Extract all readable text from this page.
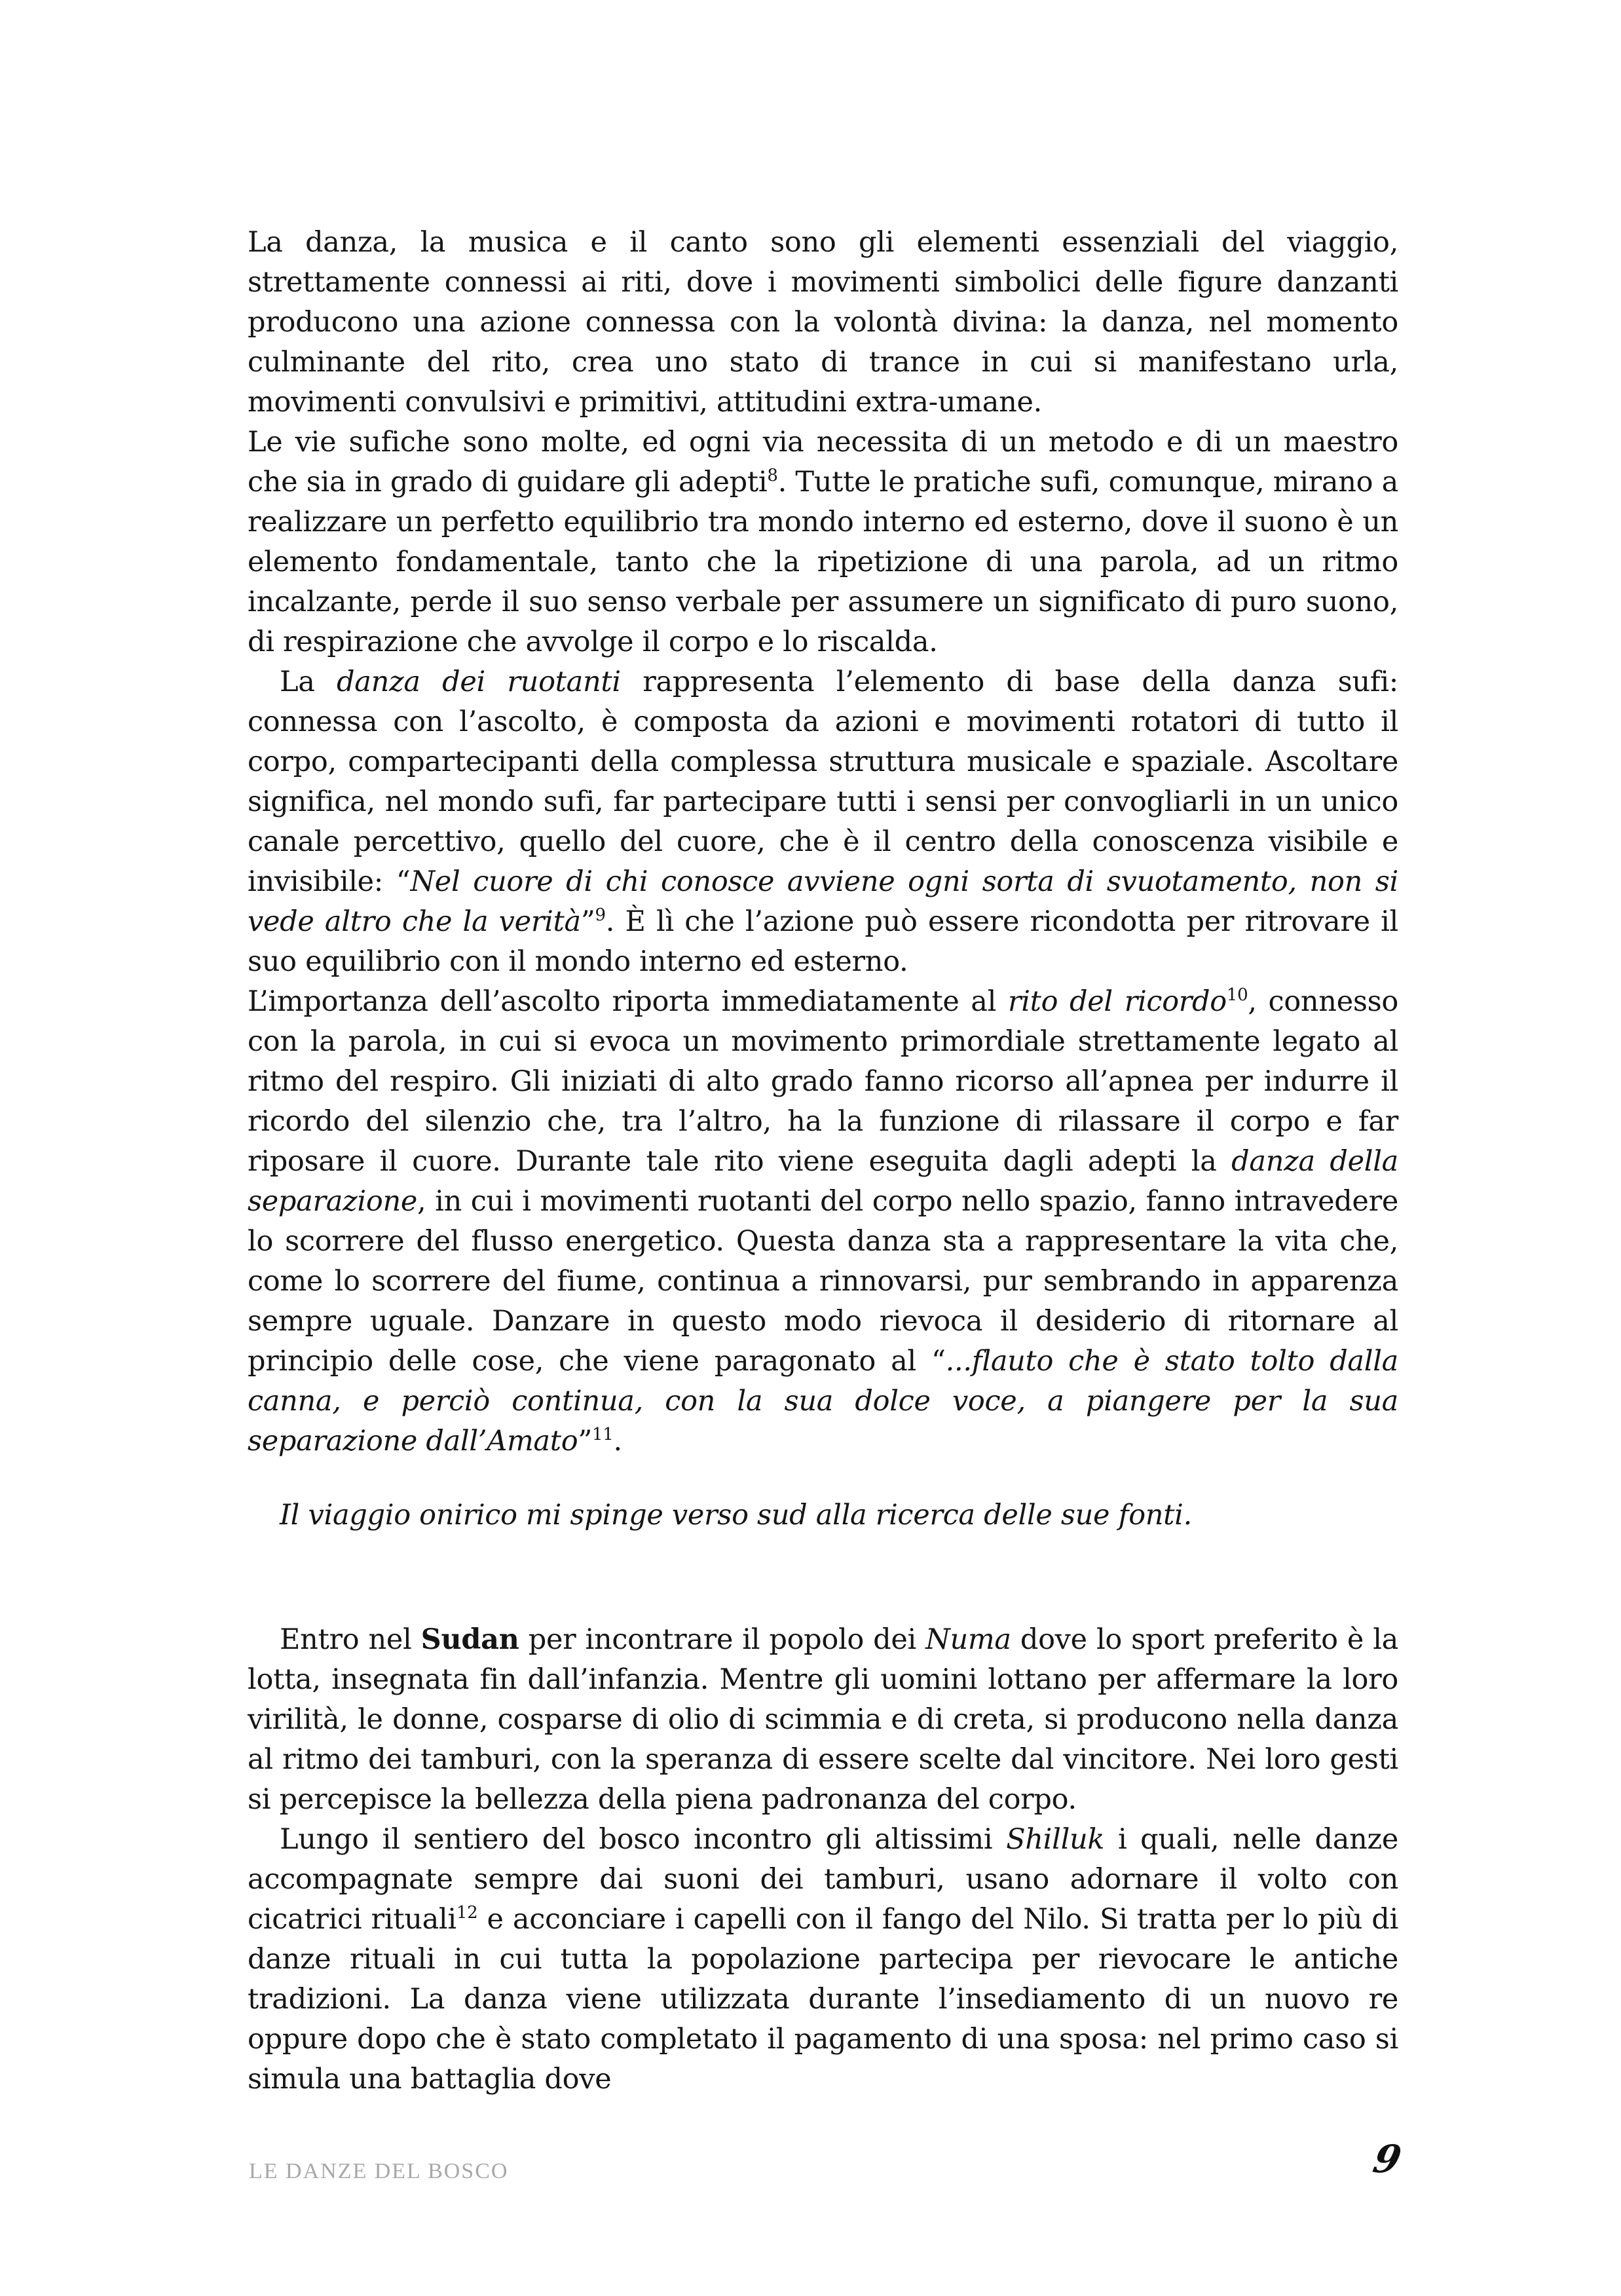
La danza, la musica e il canto sono gli elementi essenziali del viaggio, strettamente connessi ai riti, dove i movimenti simbolici delle figure danzanti producono una azione connessa con la volontà divina: la danza, nel momento culminante del rito, crea uno stato di trance in cui si manifestano urla, movimenti convulsivi e primitivi, attitudini extra-umane.

Le vie sufiche sono molte, ed ogni via necessita di un metodo e di un maestro che sia in grado di guidare gli adepti$^8$. Tutte le pratiche sufi, comunque, mirano a realizzare un perfetto equilibrio tra mondo interno ed esterno, dove il suono è un elemento fondamentale, tanto che la ripetizione di una parola, ad un ritmo incalzante, perde il suo senso verbale per assumere un significato di puro suono, di respirazione che avvolge il corpo e lo riscalda.

La danza dei ruotanti rappresenta l’elemento di base della danza sufi: connessa con l’ascolto, è composta da azioni e movimenti rotatori di tutto il corpo, compartecipanti della complessa struttura musicale e spaziale. Ascoltare significa, nel mondo sufi, far partecipare tutti i sensi per convogliarli in un unico canale percettivo, quello del cuore, che è il centro della conoscenza visibile e invisibile: “Nel cuore di chi conosce avviene ogni sorta di svuotamento, non si vede altro che la verità”$^9$. È lì che l’azione può essere ricondotta per ritrovare il suo equilibrio con il mondo interno ed esterno.

L’importanza dell’ascolto riporta immediatamente al rito del ricordo$^{10}$, connesso con la parola, in cui si evoca un movimento primordiale strettamente legato al ritmo del respiro. Gli iniziati di alto grado fanno ricorso all’apnea per indurre il ricordo del silenzio che, tra l’altro, ha la funzione di rilassare il corpo e far riposare il cuore. Durante tale rito viene eseguita dagli adepti la danza della separazione, in cui i movimenti ruotanti del corpo nello spazio, fanno intravedere lo scorrere del flusso energetico. Questa danza sta a rappresentare la vita che, come lo scorrere del fiume, continua a rinnovarsi, pur sembrando in apparenza sempre uguale. Danzare in questo modo rievoca il desiderio di ritornare al principio delle cose, che viene paragonato al “...flauto che è stato tolto dalla canna, e perciò continua, con la sua dolce voce, a piangere per la sua separazione dall’Amato”$^{11}$.

Il viaggio onirico mi spinge verso sud alla ricerca delle sue fonti.

Entro nel Sudan per incontrare il popolo dei Numa dove lo sport preferito è la lotta, insegnata fin dall’infanzia. Mentre gli uomini lottano per affermare la loro virilità, le donne, cosparse di olio di scimmia e di creta, si producono nella danza al ritmo dei tamburi, con la speranza di essere scelte dal vincitore. Nei loro gesti si percepisce la bellezza della piena padronanza del corpo.

Lungo il sentiero del bosco incontro gli altissimi Shilluk i quali, nelle danze accompagnate sempre dai suoni dei tamburi, usano adornare il volto con cicatrici rituali$^{12}$ e acconciare i capelli con il fango del Nilo. Si tratta per lo più di danze rituali in cui tutta la popolazione partecipa per rievocare le antiche tradizioni. La danza viene utilizzata durante l’insediamento di un nuovo re oppure dopo che è stato completato il pagamento di una sposa: nel primo caso si simula una battaglia dove

LE DANZE DEL BOSCO	9
